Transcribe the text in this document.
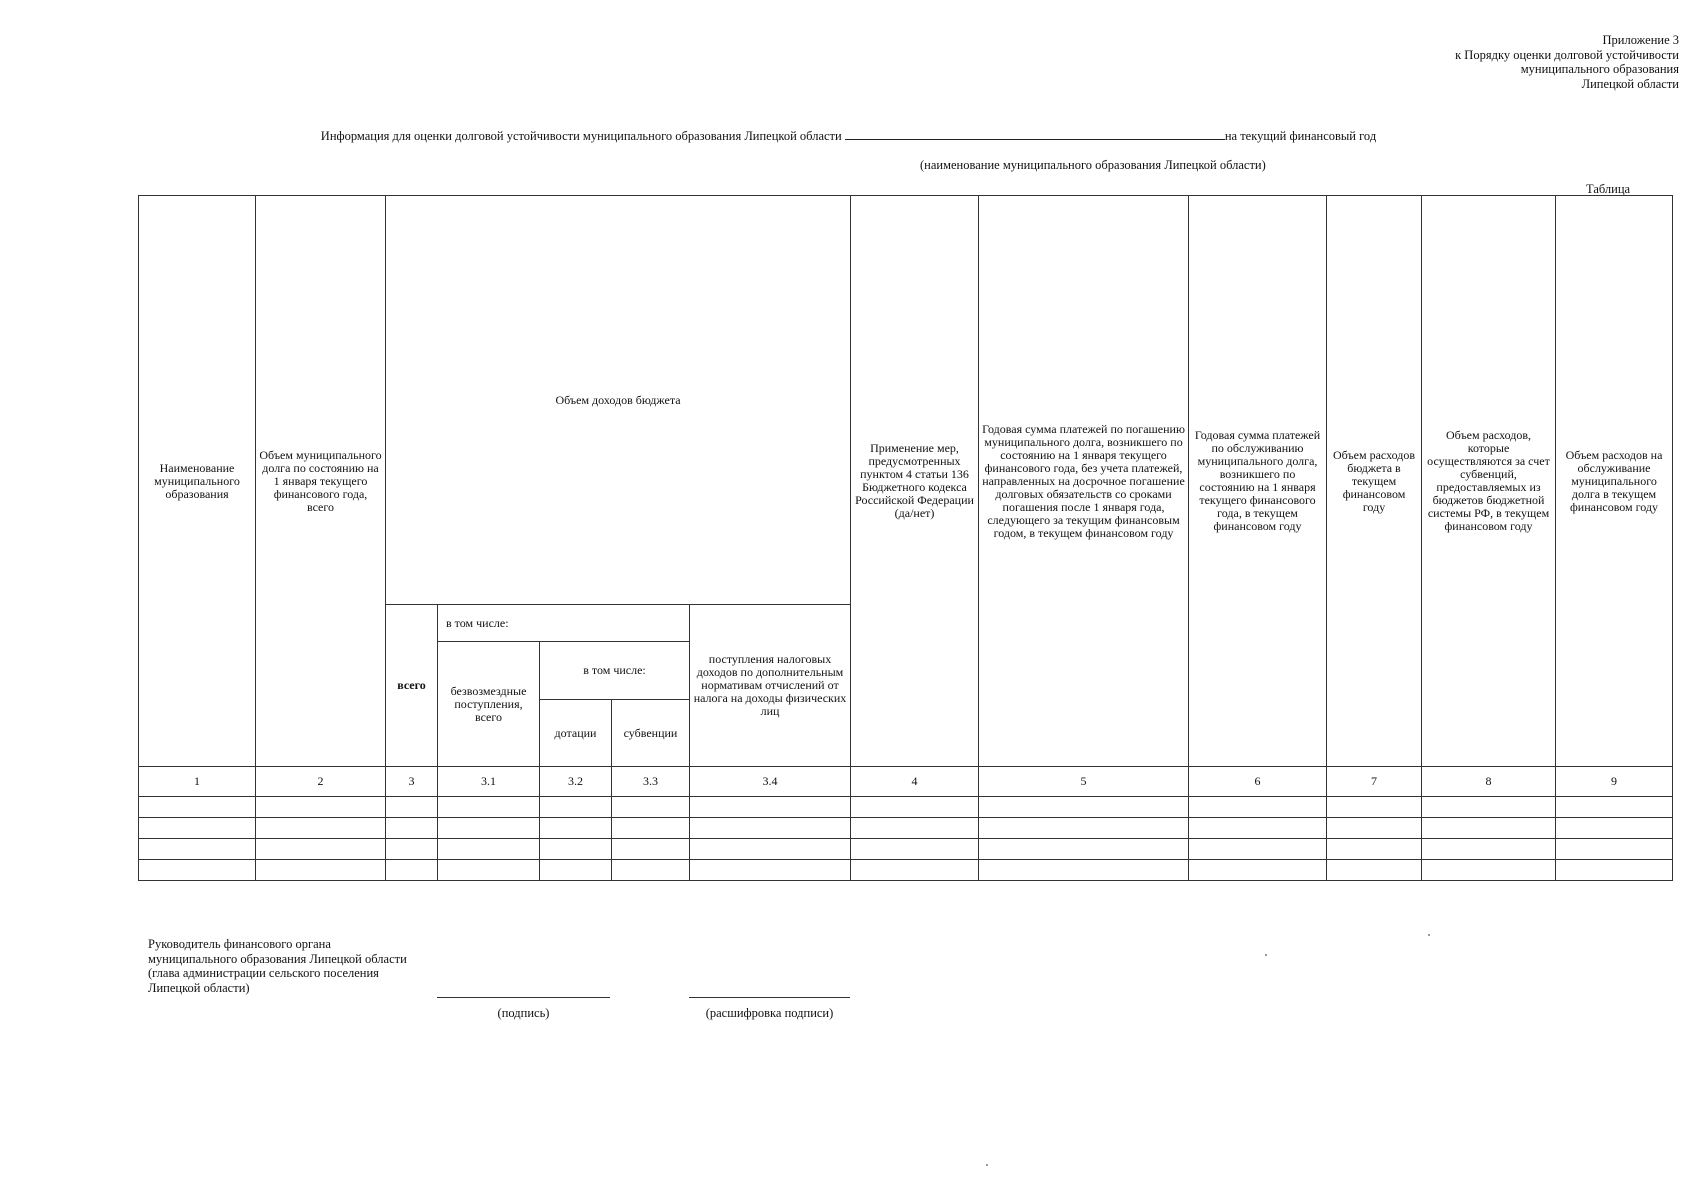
Приложение 3
к Порядку оценки долговой устойчивости
муниципального образования
Липецкой области
Информация для оценки долговой устойчивости муниципального образования Липецкой области	на текущий финансовый год
(наименование муниципального образования Липецкой области)
Таблица
Наименование муниципального образования	Объем муниципального долга по состоянию на 1 января текущего финансового года, всего	Объем доходов бюджета					Применение мер, предусмотренных пунктом 4 статьи 136 Бюджетного кодекса Российской Федерации (да/нет)	Годовая сумма платежей по погашению муниципального долга, возникшего по состоянию на 1 января текущего финансового года, без учета платежей, направленных на досрочное погашение долговых обязательств со сроками погашения после 1 января года, следующего за текущим финансовым годом, в текущем финансовом году	Годовая сумма платежей по обслуживанию муниципального долга, возникшего по состоянию на 1 января текущего финансового года, в текущем финансовом году	Объем расходов бюджета в текущем финансовом году	Объем расходов, которые осуществляются за счет субвенций, предоставляемых из бюджетов бюджетной системы РФ, в текущем финансовом году	Объем расходов на обслуживание муниципального долга в текущем финансовом году
		всего	в том числе:			поступления налоговых доходов по дополнительным нормативам отчислений от налога на доходы физических лиц						
			безвозмездные поступления, всего	в том числе:								
				дотации	субвенции							
1	2	3	3.1	3.2	3.3	3.4	4	5	6	7	8	9

Руководитель финансового органа
муниципального образования Липецкой области
(глава администрации сельского поселения
Липецкой области)
(подпись)	(расшифровка подписи)
